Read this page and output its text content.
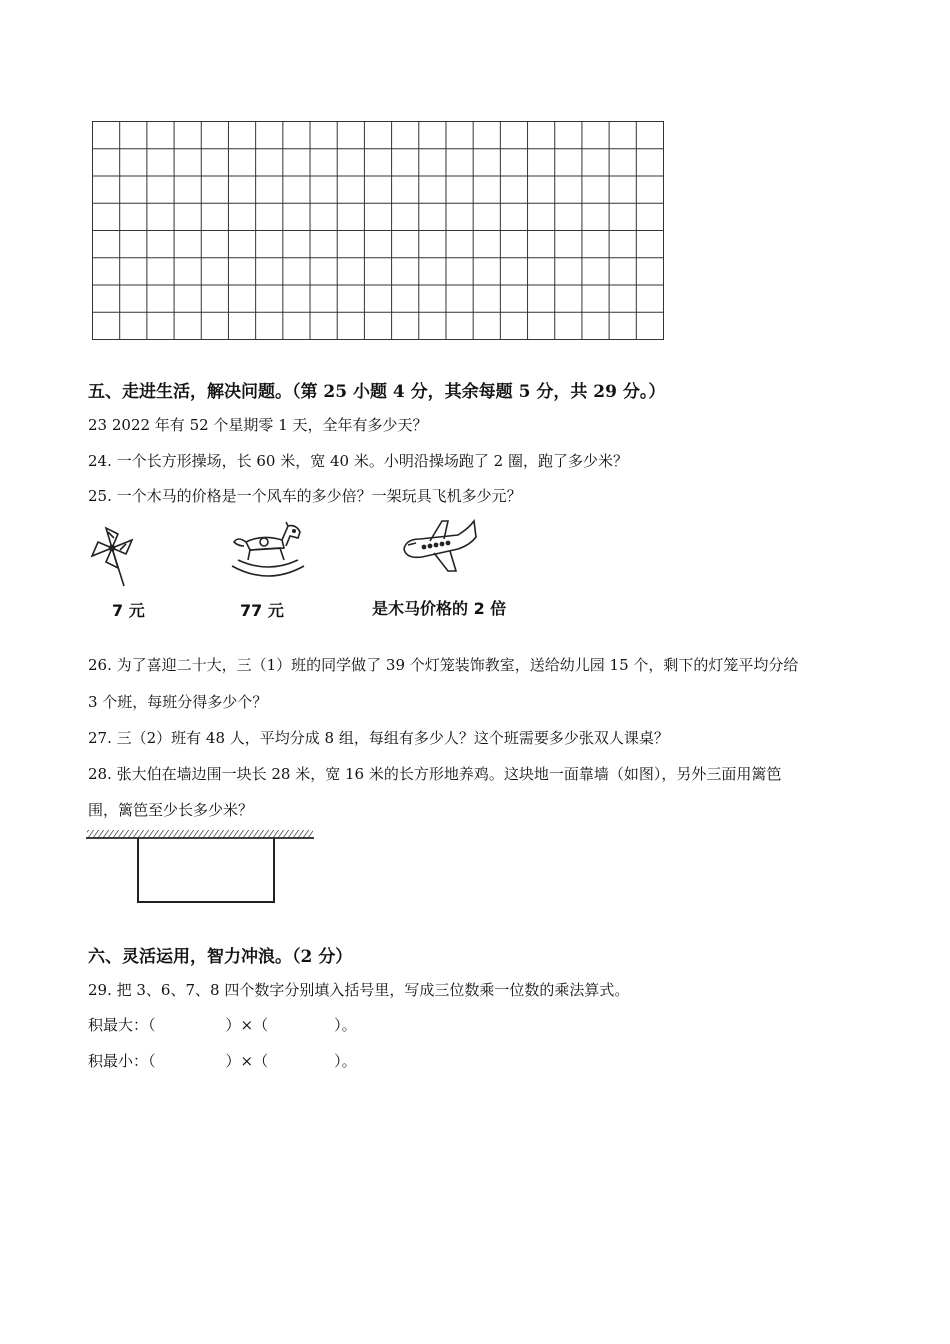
五、走进生活，解决问题。（第 25 小题 4 分，其余每题 5 分，共 29 分。）
23 2022 年有 52 个星期零 1 天，全年有多少天？
24. 一个长方形操场，长 60 米，宽 40 米。小明沿操场跑了 2 圈，跑了多少米？
25. 一个木马的价格是一个风车的多少倍？一架玩具飞机多少元？
7 元	77 元	是木马价格的 2 倍
26. 为了喜迎二十大，三（1）班的同学做了 39 个灯笼装饰教室，送给幼儿园 15 个，剩下的灯笼平均分给
3 个班，每班分得多少个？
27. 三（2）班有 48 人，平均分成 8 组，每组有多少人？这个班需要多少张双人课桌？
28. 张大伯在墙边围一块长 28 米，宽 16 米的长方形地养鸡。这块地一面靠墙（如图），另外三面用篱笆
围，篱笆至少长多少米？
六、灵活运用，智力冲浪。（2 分）
29. 把 3、6、7、8 四个数字分别填入括号里，写成三位数乘一位数的乘法算式。
积最大：（	）×（	）。
积最小：（	）×（	）。
